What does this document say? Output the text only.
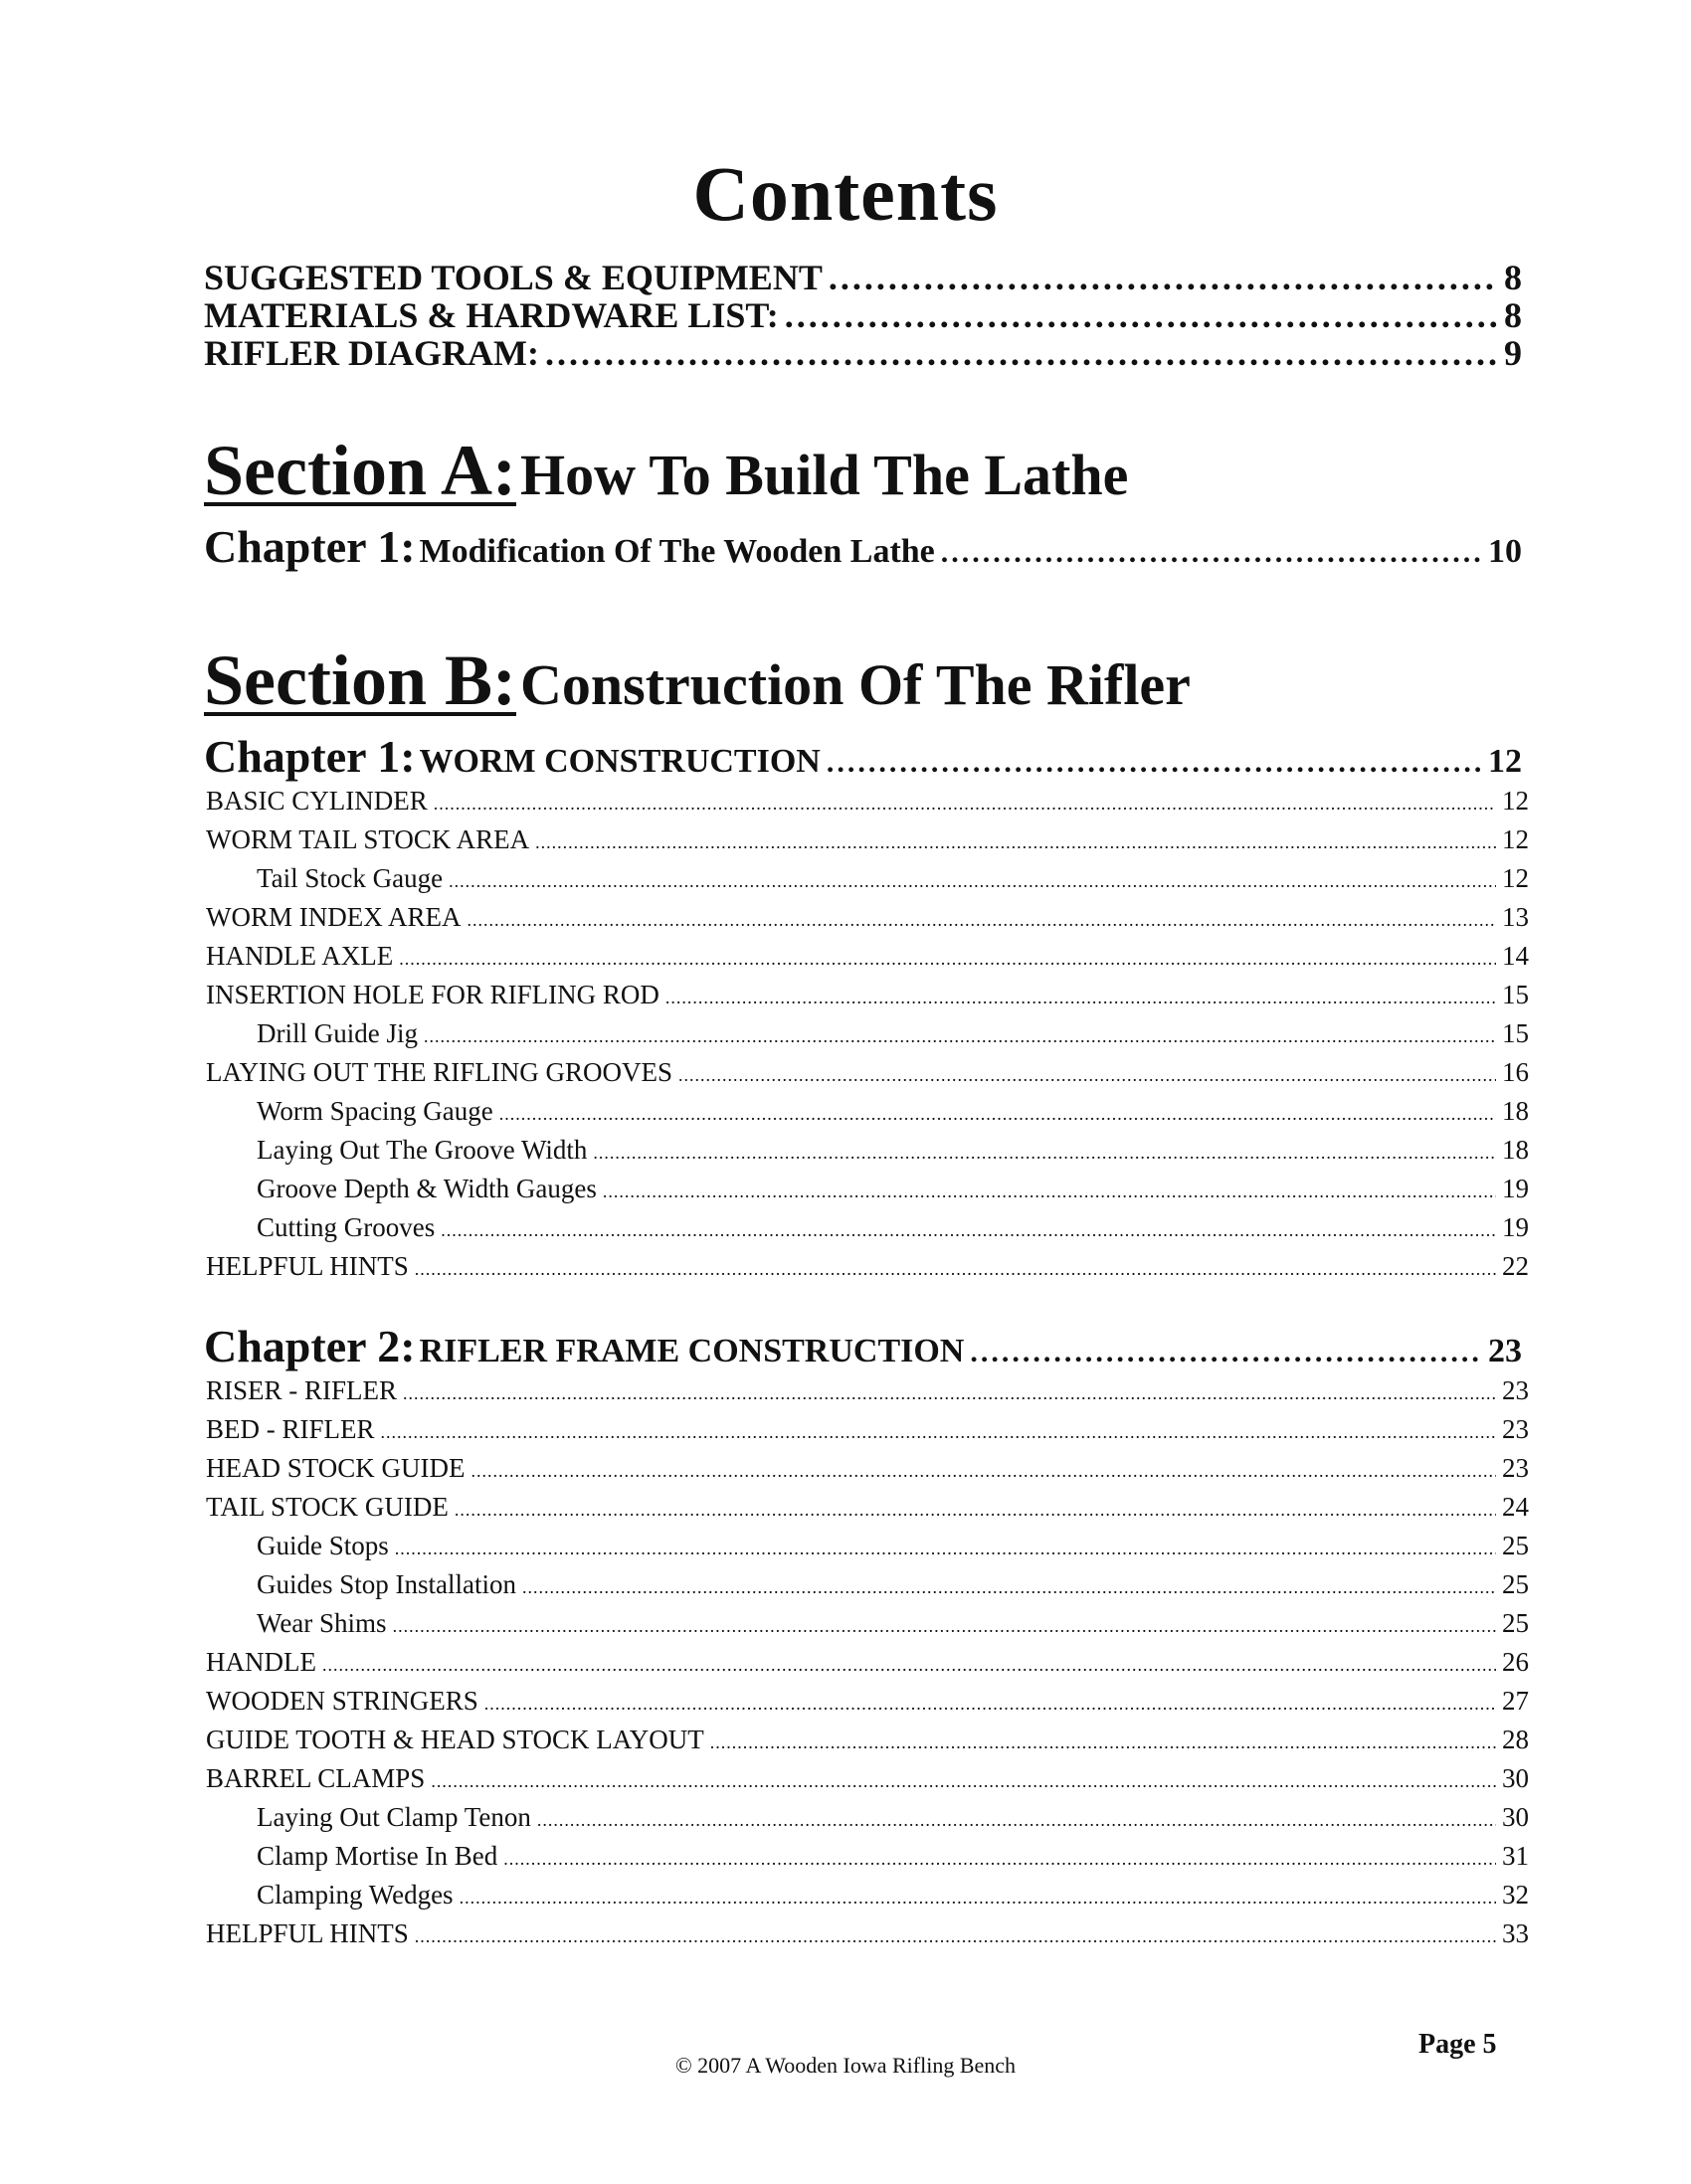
Contents
SUGGESTED TOOLS & EQUIPMENT .....	8
MATERIALS & HARDWARE LIST: .....	8
RIFLER DIAGRAM: .....	9
Section A: How To Build The Lathe
Chapter 1: Modification Of The Wooden Lathe .....	10
Section B: Construction Of The Rifler
Chapter 1: WORM CONSTRUCTION .....	12
BASIC CYLINDER .....	12
WORM TAIL STOCK AREA .....	12
Tail Stock Gauge .....	12
WORM INDEX AREA .....	13
HANDLE AXLE .....	14
INSERTION HOLE FOR RIFLING ROD .....	15
Drill Guide Jig .....	15
LAYING OUT THE RIFLING GROOVES .....	16
Worm Spacing Gauge .....	18
Laying Out The Groove Width .....	18
Groove Depth & Width Gauges .....	19
Cutting Grooves .....	19
HELPFUL HINTS .....	22
Chapter 2: RIFLER FRAME CONSTRUCTION .....	23
RISER - RIFLER .....	23
BED - RIFLER .....	23
HEAD STOCK GUIDE .....	23
TAIL STOCK GUIDE .....	24
Guide Stops .....	25
Guides Stop Installation .....	25
Wear Shims .....	25
HANDLE .....	26
WOODEN STRINGERS .....	27
GUIDE TOOTH & HEAD STOCK LAYOUT .....	28
BARREL CLAMPS .....	30
Laying Out Clamp Tenon .....	30
Clamp Mortise In Bed .....	31
Clamping Wedges .....	32
HELPFUL HINTS .....	33
Page 5
© 2007 A Wooden Iowa Rifling Bench
